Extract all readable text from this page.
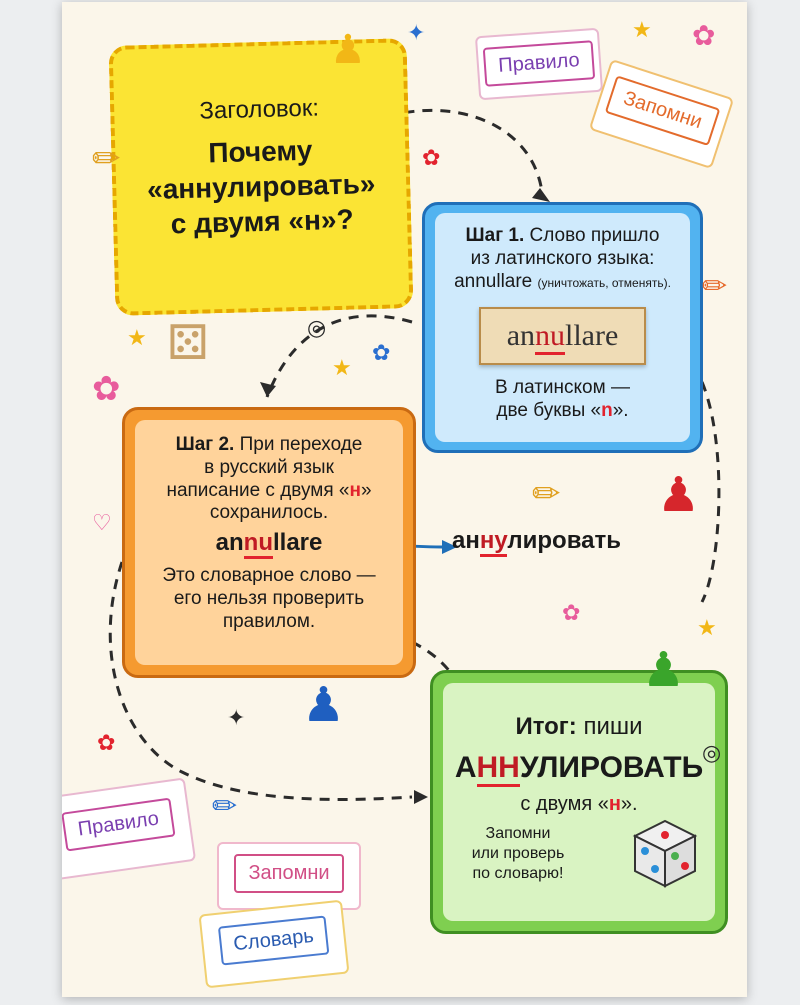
Заголовок:
Почему
«аннулировать»
с двумя «н»?	Шаг 1. Слово пришло
из латинского языка:
annullare (уничтожать, отменять).
annullare
В латинском —
две буквы «n».
Шаг 2. При переходе
в русский язык
написание с двумя «н»
сохранилось.
annullare
Это словарное слово —
его нельзя проверить
правилом.
аннулировать
Итог: пиши
АННУЛИРОВАТЬ
с двумя «н».
Запомни
или проверь
по словарю!
Правило
Запомни
Правило
Запомни
Словарь
♟
⚄
♟
♟
♟
✏
✏
✏
✏
✦
★
★
★
★
✦
✿
✿
✿
✿
✿
✿
♡
◎
◎
